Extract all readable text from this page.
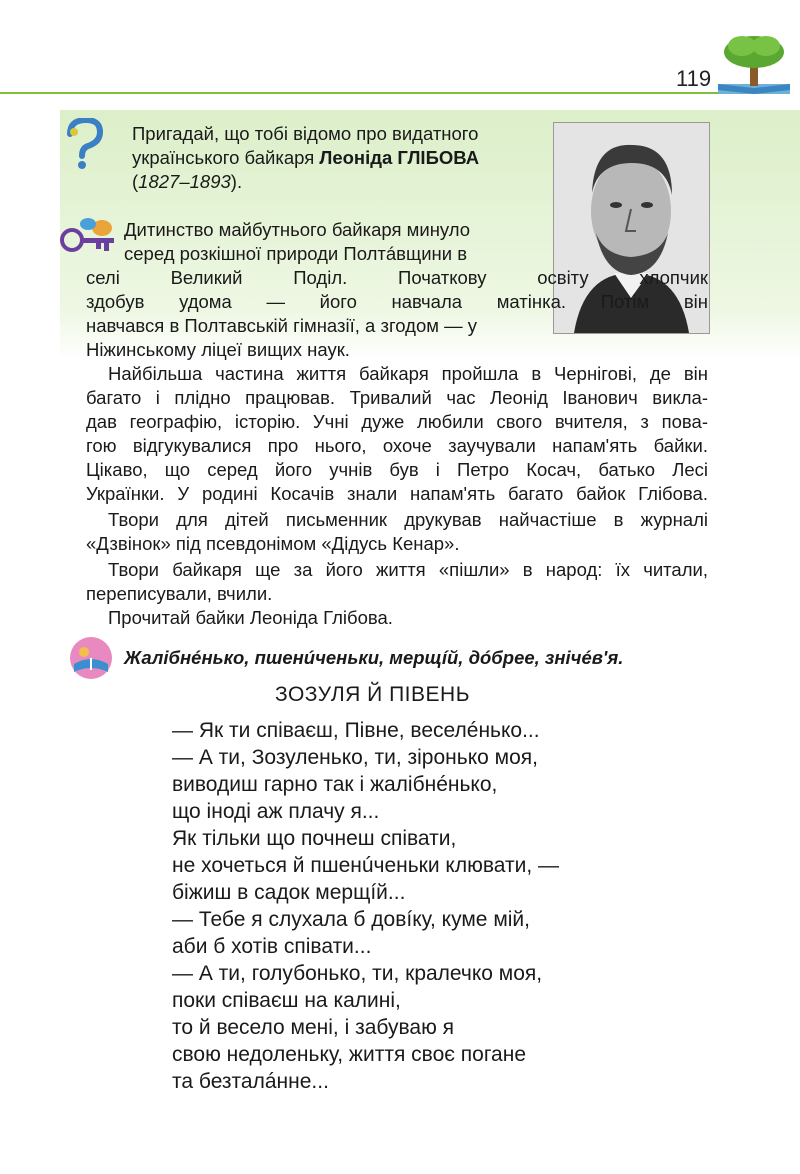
119
Пригадай, що тобі відомо про видатного
українського байкаря Леоніда ГЛІБОВА
(1827–1893).
Дитинство майбутнього байкаря минуло
серед розкішної природи Полтáвщини в
селі Великий Поділ. Початкову освіту хлопчик
здобув удома — його навчала матінка. Потім він
навчався в Полтавській гімназії, а згодом — у
Ніжинському ліцеї вищих наук.
Найбільша частина життя байкаря пройшла в Чернігові, де він
багато і плідно працював. Тривалий час Леонід Іванович викла-
дав географію, історію. Учні дуже любили свого вчителя, з пова-
гою відгукувалися про нього, охоче заучували напам'ять байки.
Цікаво, що серед його учнів був і Петро Косач, батько Лесі
Українки. У родині Косачів знали напам'ять багато байок Глібова.
Твори для дітей письменник друкував найчастіше в журналі
«Дзвінок» під псевдонімом «Дідусь Кенар».
Твори байкаря ще за його життя «пішли» в народ: їх читали,
переписували, вчили.
Прочитай байки Леоніда Глібова.
Жалібнéнько, пшенúченьки, мерщíй, дóбрее, знічéв'я.
ЗОЗУЛЯ Й ПІВЕНЬ
— Як ти співаєш, Півне, веселéнько...
— А ти, Зозуленько, ти, зіронько моя,
виводиш гарно так і жалібнéнько,
що іноді аж плачу я...
Як тільки що почнеш співати,
не хочеться й пшенúченьки клювати, —
біжиш в садок мерщíй...
— Тебе я слухала б довíку, куме мій,
аби б хотів співати...
— А ти, голубонько, ти, кралечко моя,
поки співаєш на калині,
то й весело мені, і забуваю я
свою недоленьку, життя своє погане
та безталáнне...
